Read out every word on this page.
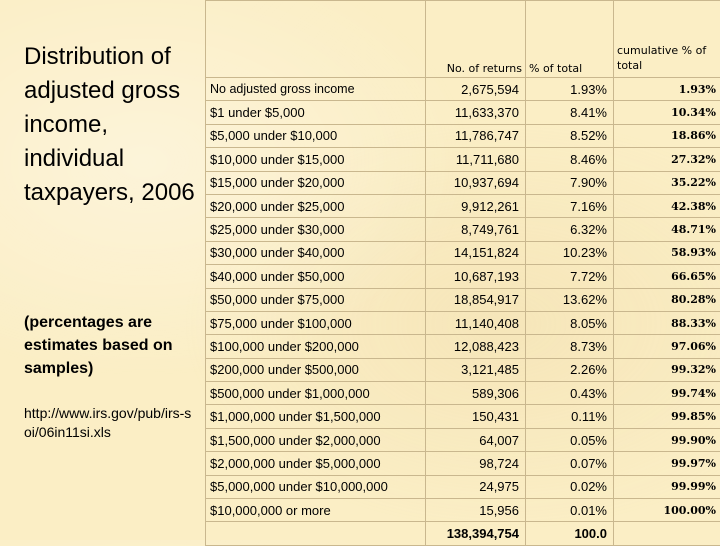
Distribution of adjusted gross income, individual taxpayers, 2006

(percentages are estimates based on samples)

http://www.irs.gov/pub/irs-soi/06in11si.xls

	No. of returns	% of total	cumulative % of total
No adjusted gross income	2,675,594	1.93%	1.93%
$1 under $5,000	11,633,370	8.41%	10.34%
$5,000 under $10,000	11,786,747	8.52%	18.86%
$10,000 under $15,000	11,711,680	8.46%	27.32%
$15,000 under $20,000	10,937,694	7.90%	35.22%
$20,000 under $25,000	9,912,261	7.16%	42.38%
$25,000 under $30,000	8,749,761	6.32%	48.71%
$30,000 under $40,000	14,151,824	10.23%	58.93%
$40,000 under $50,000	10,687,193	7.72%	66.65%
$50,000 under $75,000	18,854,917	13.62%	80.28%
$75,000 under $100,000	11,140,408	8.05%	88.33%
$100,000 under $200,000	12,088,423	8.73%	97.06%
$200,000 under $500,000	3,121,485	2.26%	99.32%
$500,000 under $1,000,000	589,306	0.43%	99.74%
$1,000,000 under $1,500,000	150,431	0.11%	99.85%
$1,500,000 under $2,000,000	64,007	0.05%	99.90%
$2,000,000 under $5,000,000	98,724	0.07%	99.97%
$5,000,000 under $10,000,000	24,975	0.02%	99.99%
$10,000,000 or more	15,956	0.01%	100.00%
	138,394,754	100.0	
